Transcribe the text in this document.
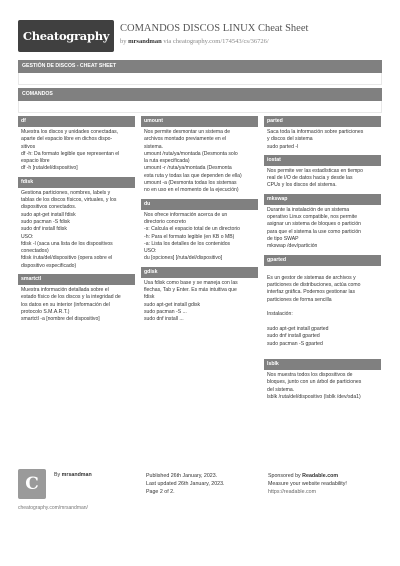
Cheatography
COMANDOS DISCOS LINUX Cheat Sheet
by mrsandman via cheatography.com/174543/cs/36726/
GESTIÓN DE DISCOS - CHEAT SHEET
COMANDOS
df
Muestra los discos y unidades conectadas,
aparte del espacio libre en dichos dispo-
sitivos
df -h: Da formato legible que representan el
espacio libre
df -h [ruta/del/dispositivo]
fdisk
Gestiona particiones, nombres, labels y
tablas de los discos físicos, virtuales, y los
dispositivos conectados.
sudo apt-get install fdisk
sudo pacman -S fdisk
sudo dnf install fdisk
USO:
fdisk -l (saca una lista de los dispositivos
conectados)
fdisk /ruta/del/dispositivo (opera sobre el
dispositivo especificado)
smartctl
Muestra información detallada sobre el
estado físico de los discos y la integridad de
los datos en su interior (información del
protocolo S.M.A.R.T.)
smartctl -a [nombre del dispositivo]
umount
Nos permite desmontar un sistema de
archivos montado previamente en el
sistema.
umount /ruta/ya/montada (Desmonta solo
la ruta especificada)
umount -r /ruta/ya/montada (Desmonta
esta ruta y todas las que dependen de ella)
umount -a (Desmonta todas los sistemas
no en uso en el momento de la ejecución)
du
Nos ofrece información acerca de un
directorio concreto
-s: Calcula el espacio total de un directorio
-h: Para el formato legible (en KB o MB)
-a: Lista los detalles de los contenidos
USO:
du [opciones] [/ruta/del/dispositivo]
gdisk
Usa fdisk como base y se maneja con las
flechas, Tab y Enter. Es más intuitiva que
fdisk
sudo apt-get install gdisk
sudo pacman -S ...
sudo dnf install ...
parted
Saca toda la información sobre particiones
y discos del sistema
sudo parted -l
iostat
Nos permite ver las estadísticas en tiempo
real de I/O de datos hacia y desde las
CPUs y los discos del sistema.
mkswap
Durante la instalación de un sistema
operativo Linux compatible, nos permite
asignar un sistema de bloques o partición
para que el sistema la use como partición
de tipo SWAP
mkswap /dev/partición
gparted
Es un gestor de sistemas de archivos y
particiones de distribuciones, actúa como
interfaz gráfica. Podemos gestionar las
particiones de forma sencilla
Instalación:
sudo apt-get install gparted
sudo dnf install gparted
sudo pacman -S gparted
lsblk
Nos muestra todos los dispositivos de
bloques, junto con un árbol de particiones
del sistema.
lsblk /ruta/del/dispositivo (lsblk /dev/sda1)
C	By mrsandman	Published 26th January, 2023.
Last updated 26th January, 2023.
Page 2 of 2.
Sponsored by Readable.com
Measure your website readability!
https://readable.com
cheatography.com/mrsandman/
